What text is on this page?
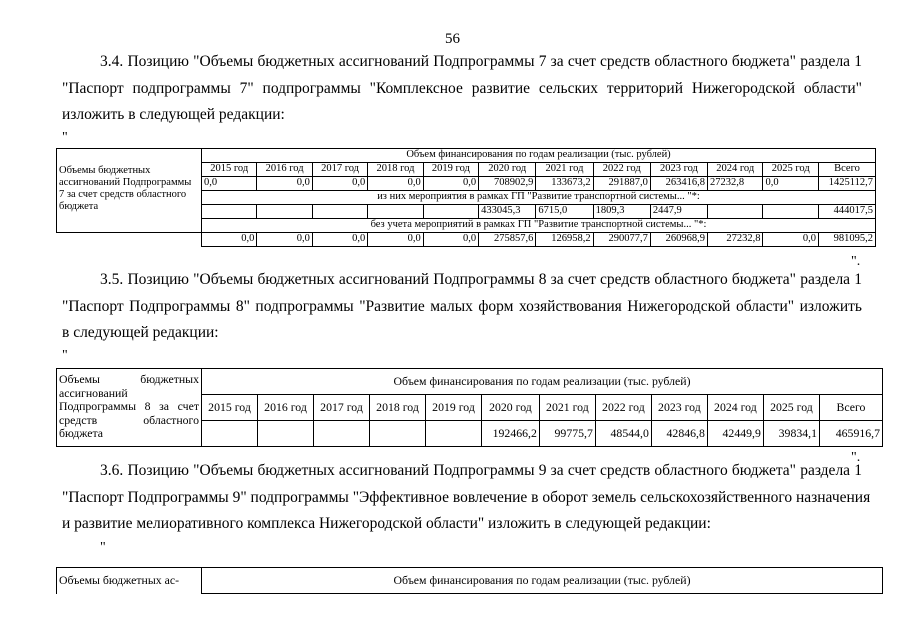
56
3.4. Позицию "Объемы бюджетных ассигнований Подпрограммы 7 за счет средств областного бюджета" раздела 1
"Паспорт подпрограммы 7" подпрограммы "Комплексное развитие сельских территорий Нижегородской области"
изложить в следующей редакции:
"
Объемы бюджетных ассигнований Подпрограммы 7 за счет средств областного бюджета	Объем финансирования по годам реализации (тыс. рублей)											
	2015 год	2016 год	2017 год	2018 год	2019 год	2020 год	2021 год	2022 год	2023 год	2024 год	2025 год	Всего
	0,0	0,0	0,0	0,0	0,0	708902,9	133673,2	291887,0	263416,8	27232,8	0,0	1425112,7
	из них мероприятия в рамках ГП "Развитие транспортной системы... "*:											
						433045,3	6715,0	1809,3	2447,9			444017,5
	без учета мероприятий в рамках ГП "Развитие транспортной системы... "*:											
	0,0	0,0	0,0	0,0	0,0	275857,6	126958,2	290077,7	260968,9	27232,8	0,0	981095,2
".
3.5. Позицию "Объемы бюджетных ассигнований Подпрограммы 8 за счет средств областного бюджета" раздела 1
"Паспорт Подпрограммы 8" подпрограммы "Развитие малых форм хозяйствования Нижегородской области" изложить
в следующей редакции:
"
Объемы бюджетных ассигнований Подпрограммы 8 за счет средств областного бюджета	Объем финансирования по годам реализации (тыс. рублей)											
	2015 год	2016 год	2017 год	2018 год	2019 год	2020 год	2021 год	2022 год	2023 год	2024 год	2025 год	Всего
						192466,2	99775,7	48544,0	42846,8	42449,9	39834,1	465916,7
".
3.6. Позицию "Объемы бюджетных ассигнований Подпрограммы 9 за счет средств областного бюджета" раздела 1
"Паспорт Подпрограммы 9" подпрограммы "Эффективное вовлечение в оборот земель сельскохозяйственного назначения
и развитие мелиоративного комплекса Нижегородской области" изложить в следующей редакции:
"
Объемы бюджетных ас-	Объем финансирования по годам реализации (тыс. рублей)
